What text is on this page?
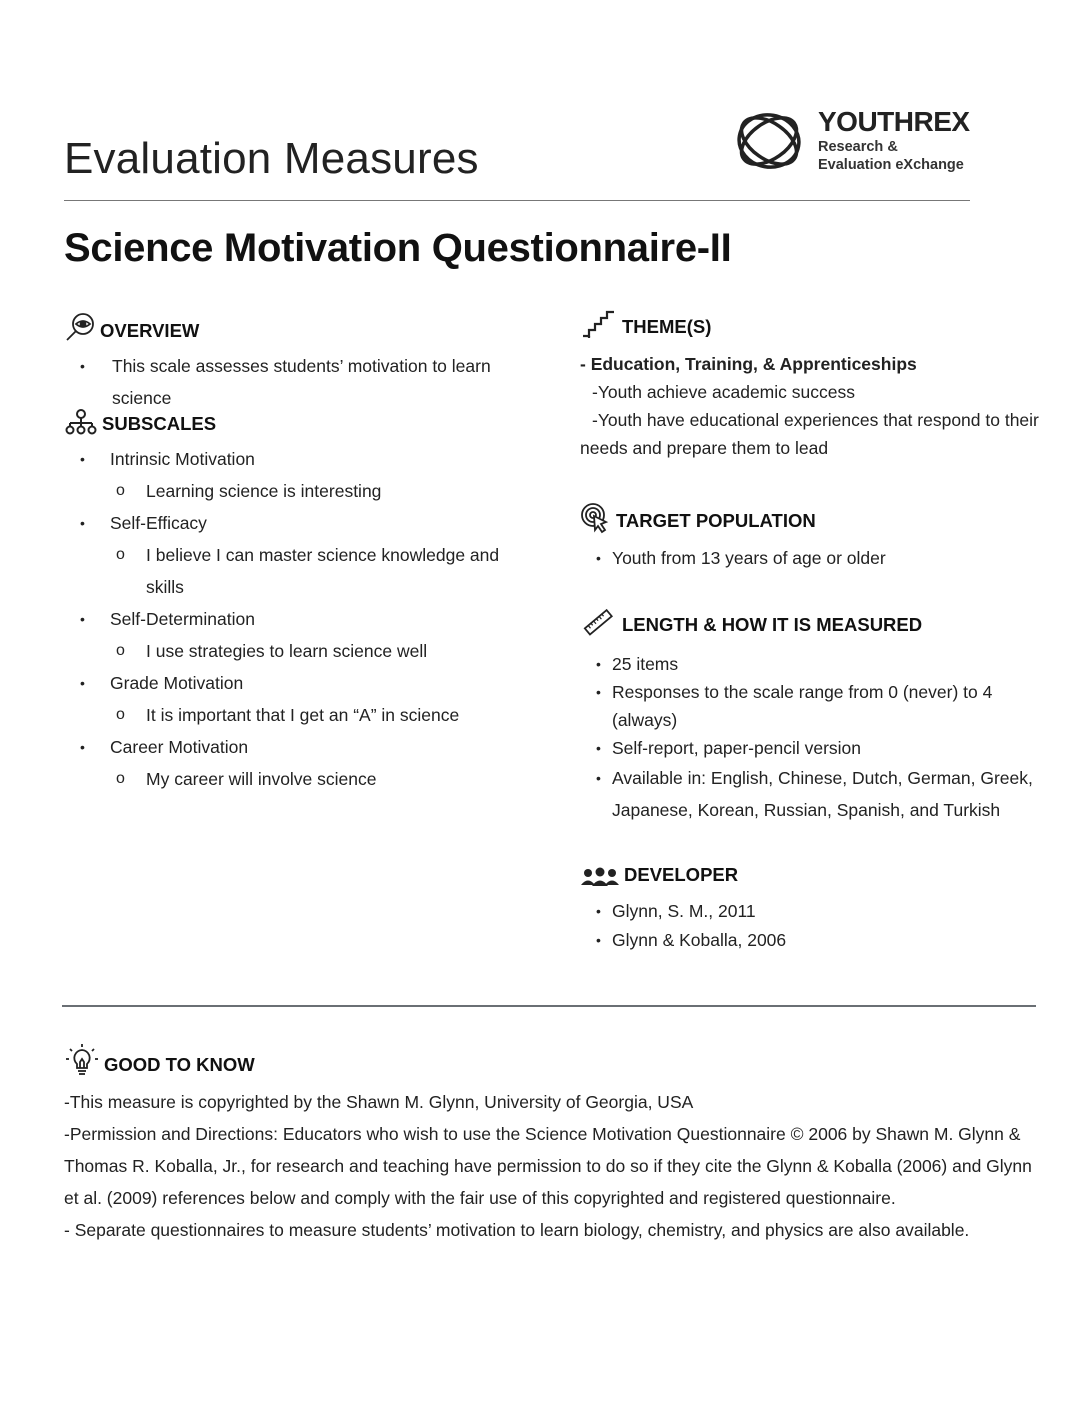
Evaluation Measures
YOUTHREX
Research &
Evaluation eXchange
Science Motivation Questionnaire-II
OVERVIEW
• This scale assesses students’ motivation to learn science
SUBSCALES
• Intrinsic Motivation
o Learning science is interesting
• Self-Efficacy
o I believe I can master science knowledge and skills
• Self-Determination
o I use strategies to learn science well
• Grade Motivation
o It is important that I get an “A” in science
• Career Motivation
o My career will involve science
THEME(S)
- Education, Training, & Apprenticeships
-Youth achieve academic success
-Youth have educational experiences that respond to their
needs and prepare them to lead
TARGET POPULATION
• Youth from 13 years of age or older
LENGTH & HOW IT IS MEASURED
• 25 items
• Responses to the scale range from 0 (never) to 4 (always)
• Self-report, paper-pencil version
• Available in: English, Chinese, Dutch, German, Greek, Japanese, Korean, Russian, Spanish, and Turkish
DEVELOPER
• Glynn, S. M., 2011
• Glynn & Koballa, 2006
GOOD TO KNOW
-This measure is copyrighted by the Shawn M. Glynn, University of Georgia, USA
-Permission and Directions: Educators who wish to use the Science Motivation Questionnaire © 2006 by Shawn M. Glynn & Thomas R. Koballa, Jr., for research and teaching have permission to do so if they cite the Glynn & Koballa (2006) and Glynn et al. (2009) references below and comply with the fair use of this copyrighted and registered questionnaire.
- Separate questionnaires to measure students’ motivation to learn biology, chemistry, and physics are also available.
